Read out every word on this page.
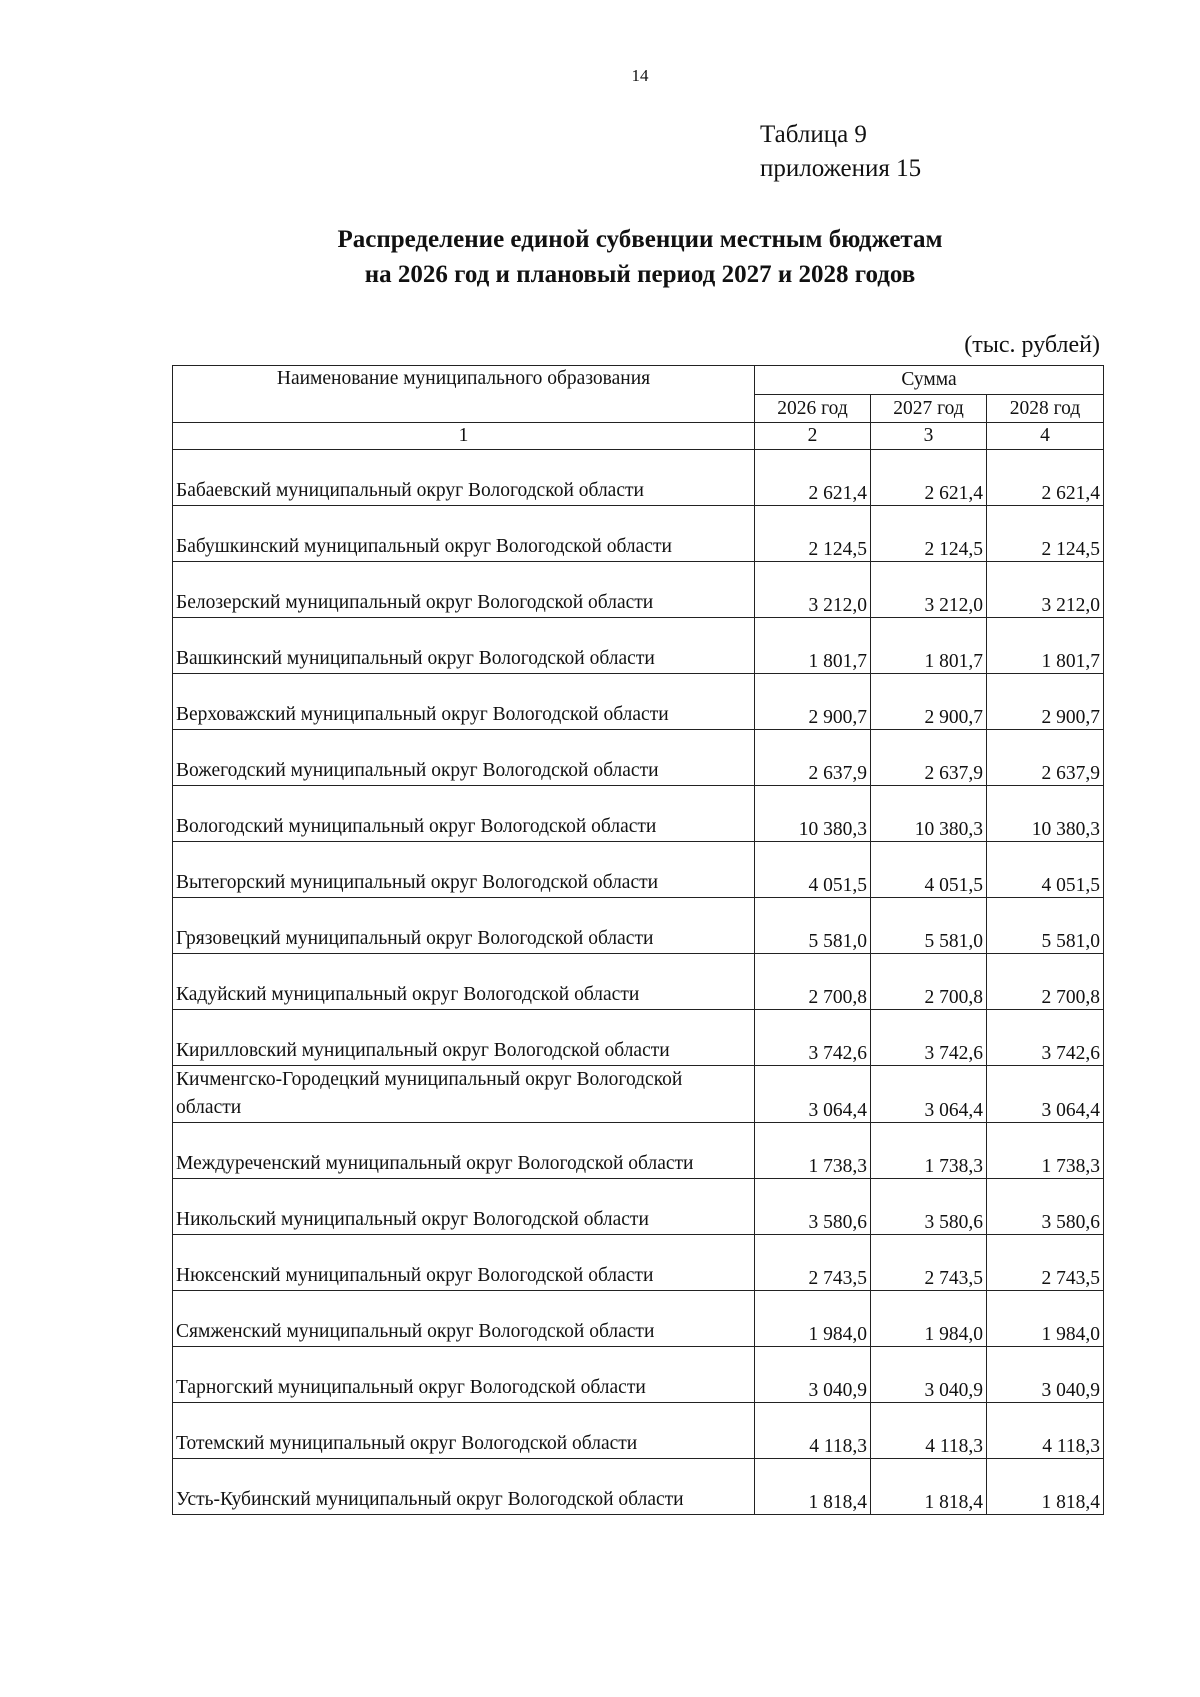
14
Таблица 9
приложения 15
Распределение единой субвенции местным бюджетам
на 2026 год и плановый период 2027 и 2028 годов
(тыс. рублей)
Наименование муниципального образования	Сумма		
	2026 год	2027 год	2028 год
1	2	3	4
Бабаевский муниципальный округ Вологодской области	2 621,4	2 621,4	2 621,4
Бабушкинский муниципальный округ Вологодской области	2 124,5	2 124,5	2 124,5
Белозерский муниципальный округ Вологодской области	3 212,0	3 212,0	3 212,0
Вашкинский муниципальный округ Вологодской области	1 801,7	1 801,7	1 801,7
Верховажский муниципальный округ Вологодской области	2 900,7	2 900,7	2 900,7
Вожегодский муниципальный округ Вологодской области	2 637,9	2 637,9	2 637,9
Вологодский муниципальный округ Вологодской области	10 380,3	10 380,3	10 380,3
Вытегорский муниципальный округ Вологодской области	4 051,5	4 051,5	4 051,5
Грязовецкий муниципальный округ Вологодской области	5 581,0	5 581,0	5 581,0
Кадуйский муниципальный округ Вологодской области	2 700,8	2 700,8	2 700,8
Кирилловский муниципальный округ Вологодской области	3 742,6	3 742,6	3 742,6
Кичменгско-Городецкий муниципальный округ Вологодской области	3 064,4	3 064,4	3 064,4
Междуреченский муниципальный округ Вологодской области	1 738,3	1 738,3	1 738,3
Никольский муниципальный округ Вологодской области	3 580,6	3 580,6	3 580,6
Нюксенский муниципальный округ Вологодской области	2 743,5	2 743,5	2 743,5
Сямженский муниципальный округ Вологодской области	1 984,0	1 984,0	1 984,0
Тарногский муниципальный округ Вологодской области	3 040,9	3 040,9	3 040,9
Тотемский муниципальный округ Вологодской области	4 118,3	4 118,3	4 118,3
Усть-Кубинский муниципальный округ Вологодской области	1 818,4	1 818,4	1 818,4
